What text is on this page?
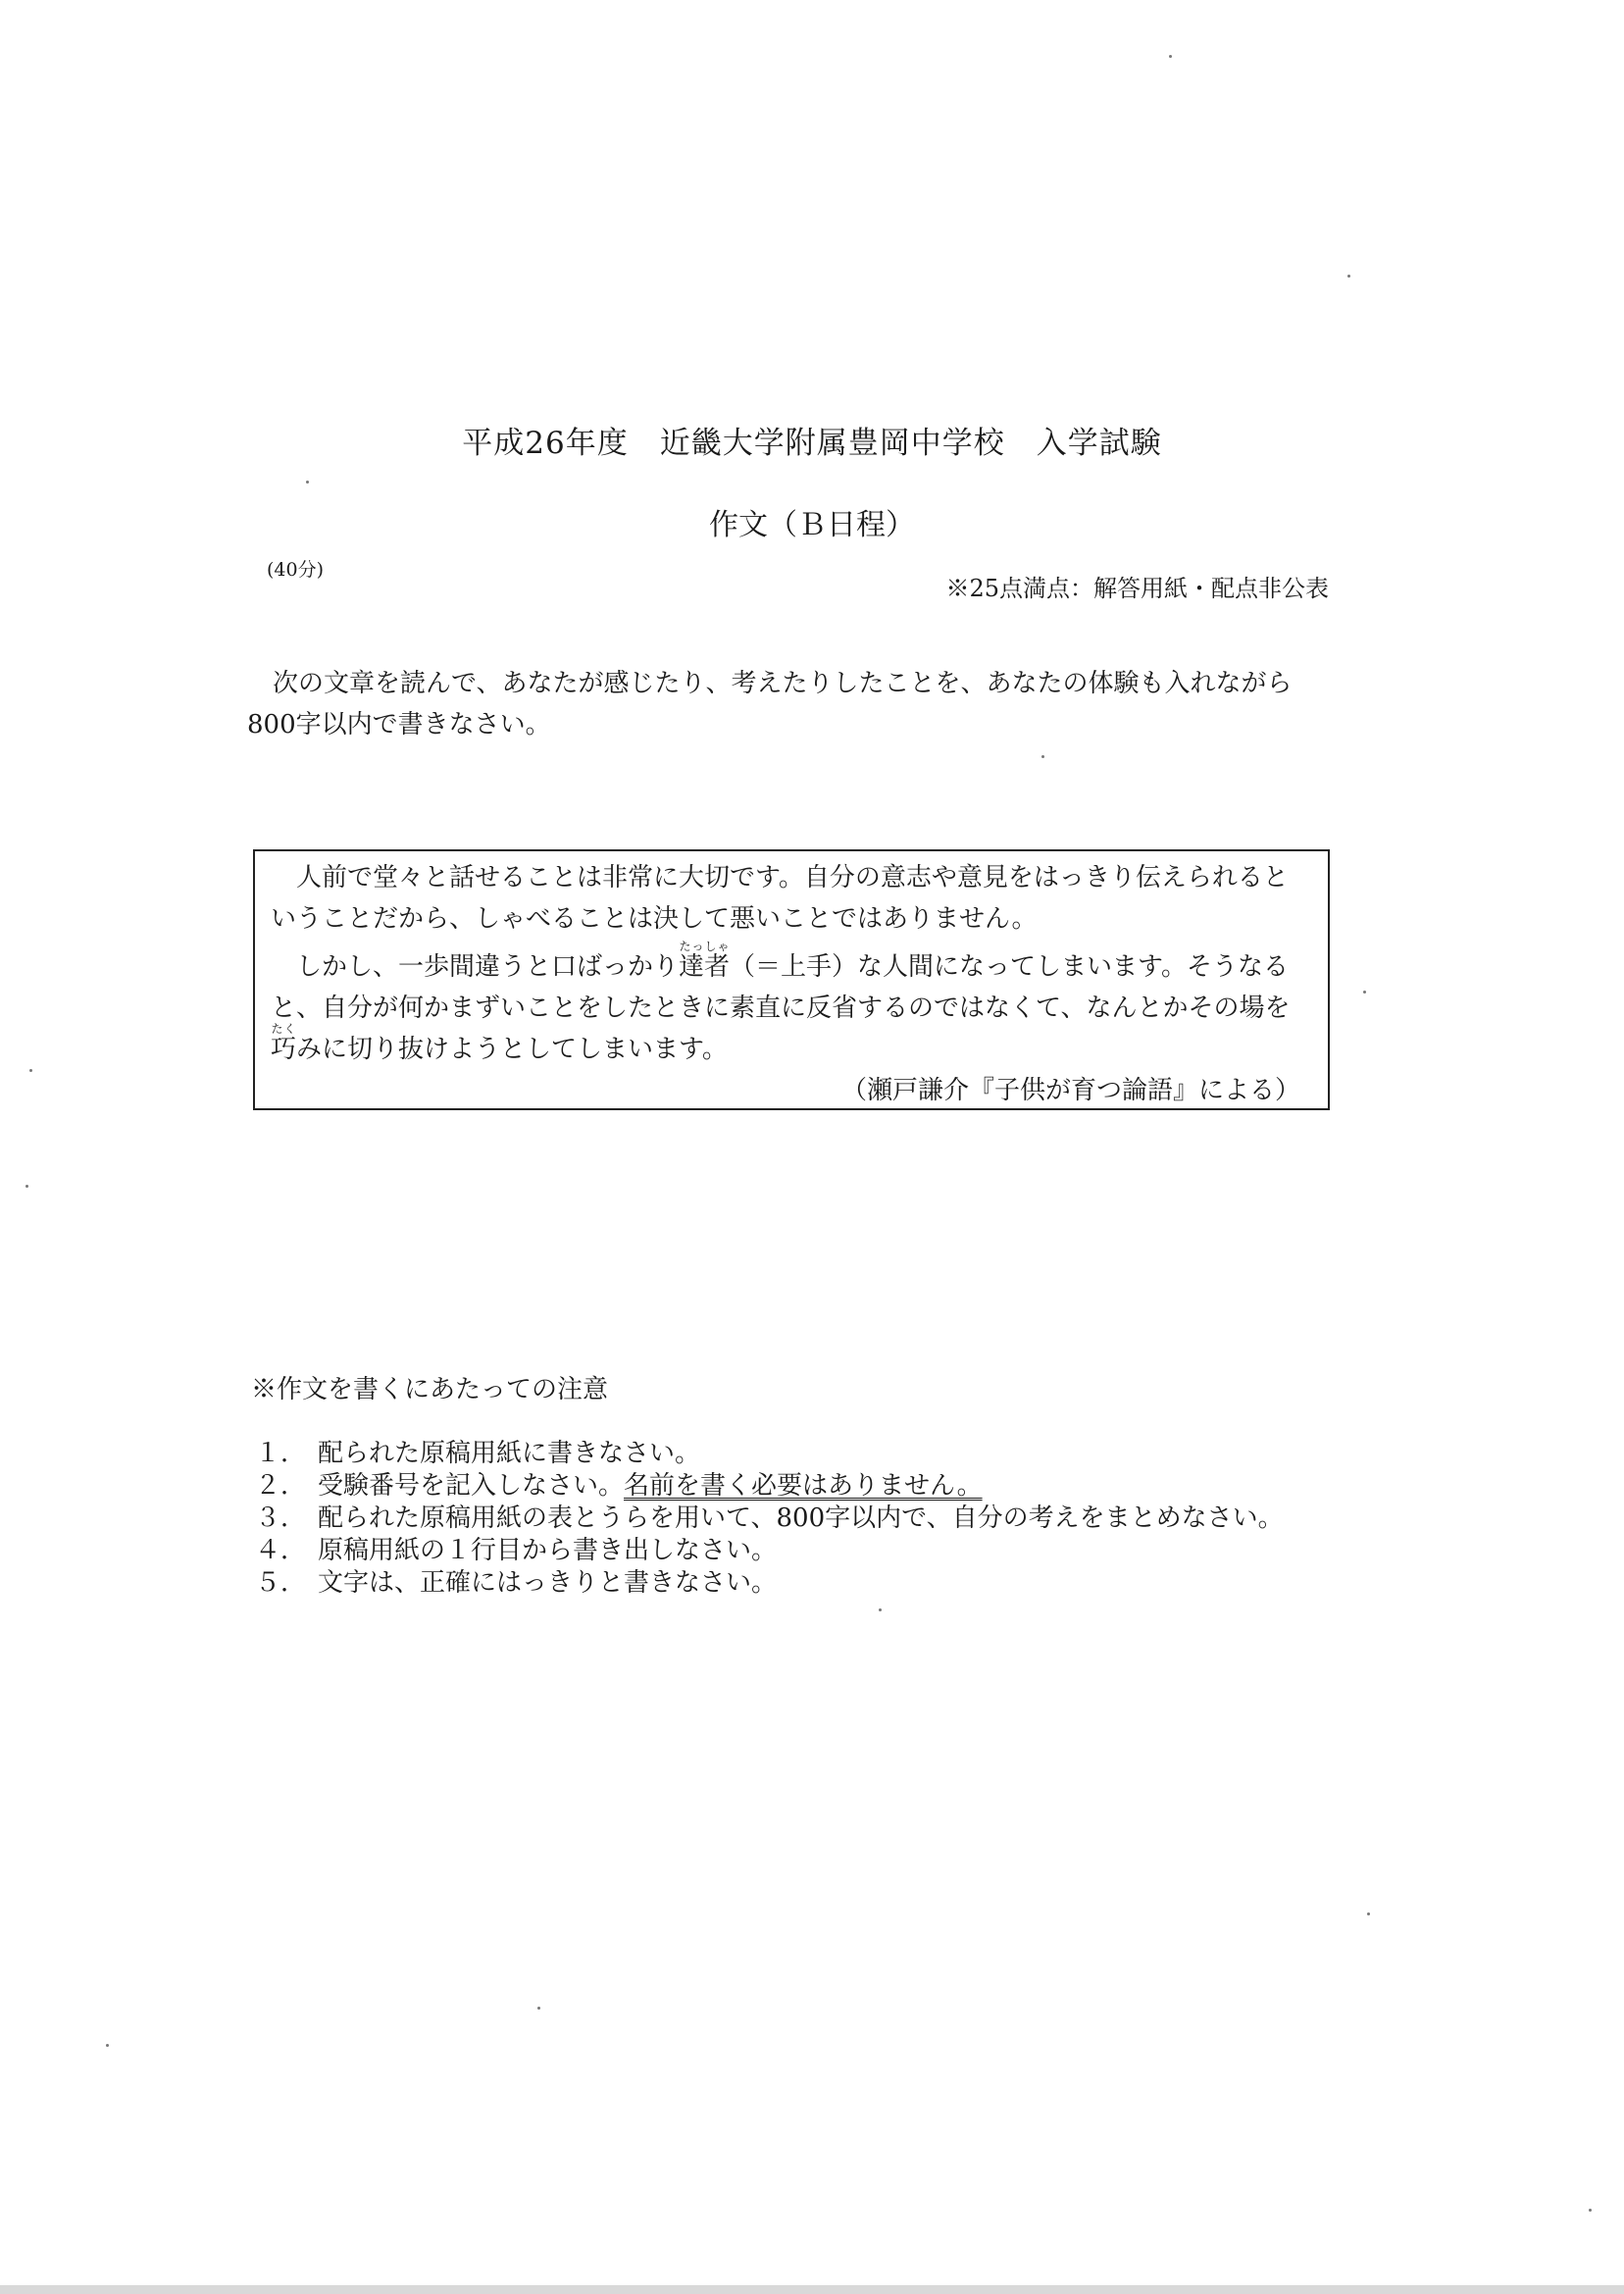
平成26年度　近畿大学附属豊岡中学校　入学試験
作文（Ｂ日程）
(40分)
※25点満点：解答用紙・配点非公表
次の文章を読んで、あなたが感じたり、考えたりしたことを、あなたの体験も入れながら800字以内で書きなさい。

人前で堂々と話せることは非常に大切です。自分の意志や意見をはっきり伝えられるということだから、しゃべることは決して悪いことではありません。

しかし、一歩間違うと口ばっかり達者たっしゃ（＝上手）な人間になってしまいます。そうなると、自分が何かまずいことをしたときに素直に反省するのではなくて、なんとかその場を巧たくみに切り抜けようとしてしまいます。

（瀬戸謙介『子供が育つ論語』による）

※作文を書くにあたっての注意
１． 配られた原稿用紙に書きなさい。
２． 受験番号を記入しなさい。名前を書く必要はありません。
３． 配られた原稿用紙の表とうらを用いて、800字以内で、自分の考えをまとめなさい。
４． 原稿用紙の１行目から書き出しなさい。
５． 文字は、正確にはっきりと書きなさい。
